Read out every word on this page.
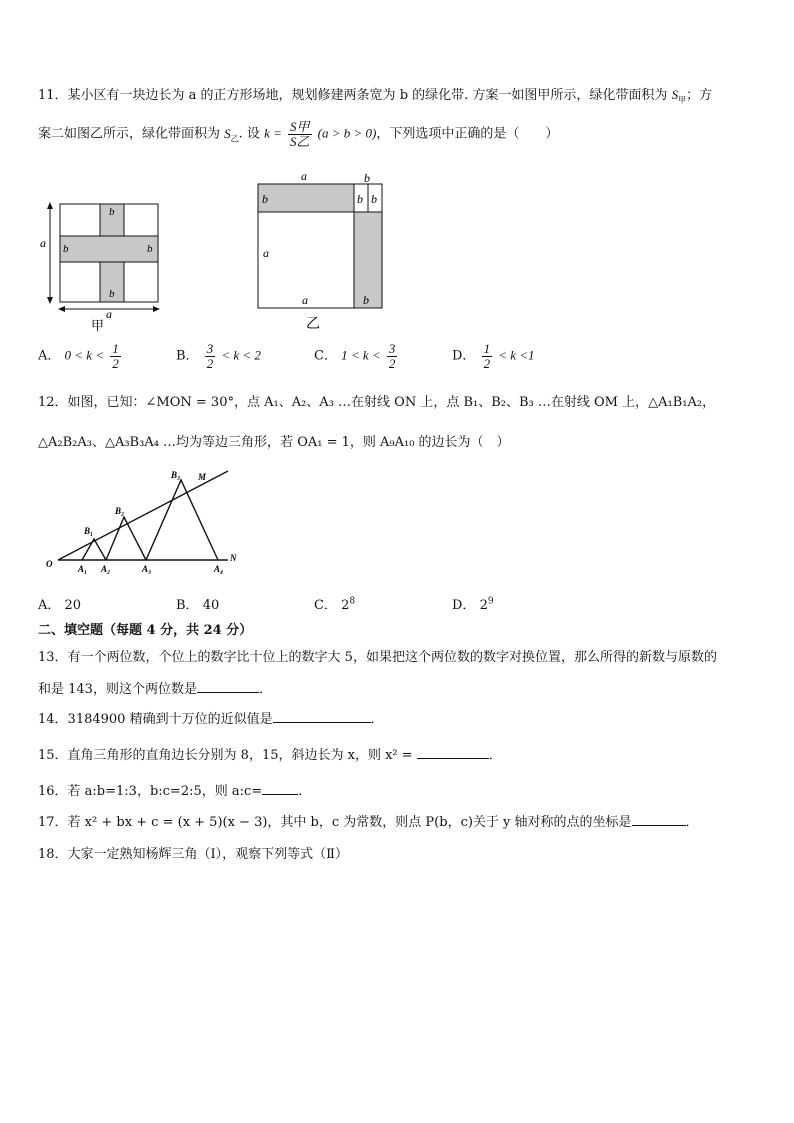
11．某小区有一块边长为 a 的正方形场地，规划修建两条宽为 b 的绿化带. 方案一如图甲所示，绿化带面积为 $S_甲$；方
案二如图乙所示，绿化带面积为 $S_乙$. 设 $k = \frac{\text{S甲}}{\text{S乙}} (a > b > 0)$，下列选项中正确的是（　　）
a
b
b	b
b
a
甲
a	b
b	b b
a
a	b
乙
A． $0 < k < \frac{1}{2}$	B． $\frac{3}{2} < k < 2$	C． $1 < k < \frac{3}{2}$	D． $\frac{1}{2} < k <1$
12．如图，已知：∠MON = 30°，点 A₁、A₂、A₃ …在射线 ON 上，点 B₁、B₂、B₃ …在射线 OM 上，△A₁B₁A₂，
△A₂B₂A₃、△A₃B₃A₄ …均为等边三角形，若 OA₁ = 1，则 A₉A₁₀ 的边长为（　）
O
M
N
A₁ A₂	A₃	A₄
B₁
B₂
B₃
A． 20	B． 40	C． $2^8$	D． $2^9$
二、填空题（每题 4 分，共 24 分）
13．有一个两位数，个位上的数字比十位上的数字大 5，如果把这个两位数的数字对换位置，那么所得的新数与原数的
和是 143，则这个两位数是	．
14．3184900 精确到十万位的近似值是	．
15．直角三角形的直角边长分别为 8，15，斜边长为 x，则 x² =	．
16．若 a:b=1:3，b:c=2:5，则 a:c=	.
17．若 x² + bx + c = (x + 5)(x − 3)，其中 b，c 为常数，则点 P(b，c)关于 y 轴对称的点的坐标是	．
18．大家一定熟知杨辉三角（Ⅰ），观察下列等式（Ⅱ）
